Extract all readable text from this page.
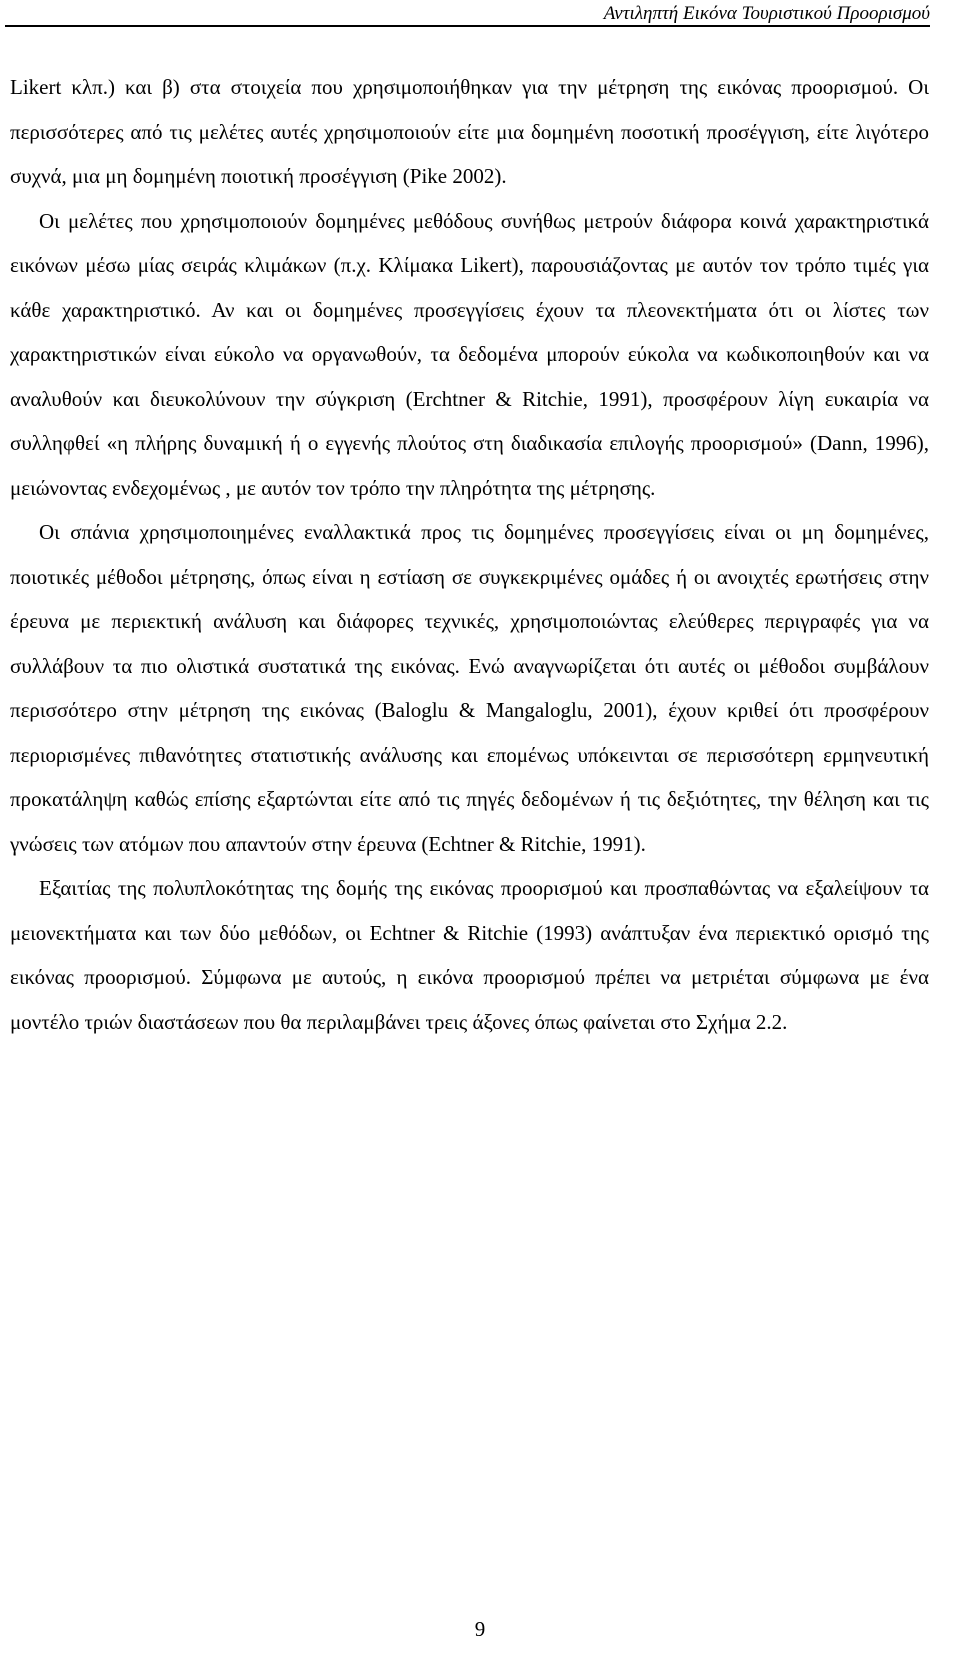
Αντιληπτή Εικόνα Τουριστικού Προορισμού

Likert κλπ.) και β) στα στοιχεία που χρησιμοποιήθηκαν για την μέτρηση της εικόνας προορισμού. Οι περισσότερες από τις μελέτες αυτές χρησιμοποιούν είτε μια δομημένη ποσοτική προσέγγιση, είτε λιγότερο συχνά, μια μη δομημένη ποιοτική προσέγγιση (Pike 2002).

Οι μελέτες που χρησιμοποιούν δομημένες μεθόδους συνήθως μετρούν διάφορα κοινά χαρακτηριστικά εικόνων μέσω μίας σειράς κλιμάκων (π.χ. Κλίμακα Likert), παρουσιάζοντας με αυτόν τον τρόπο τιμές για κάθε χαρακτηριστικό. Αν και οι δομημένες προσεγγίσεις έχουν τα πλεονεκτήματα ότι οι λίστες των χαρακτηριστικών είναι εύκολο να οργανωθούν, τα δεδομένα μπορούν εύκολα να κωδικοποιηθούν και να αναλυθούν και διευκολύνουν την σύγκριση (Erchtner & Ritchie, 1991), προσφέρουν λίγη ευκαιρία να συλληφθεί «η πλήρης δυναμική ή ο εγγενής πλούτος στη διαδικασία επιλογής προορισμού» (Dann, 1996), μειώνοντας ενδεχομένως , με αυτόν τον τρόπο την πληρότητα της μέτρησης.

Οι σπάνια χρησιμοποιημένες εναλλακτικά προς τις δομημένες προσεγγίσεις είναι οι μη δομημένες, ποιοτικές μέθοδοι μέτρησης, όπως είναι η εστίαση σε συγκεκριμένες ομάδες ή οι ανοιχτές ερωτήσεις στην έρευνα με περιεκτική ανάλυση και διάφορες τεχνικές, χρησιμοποιώντας ελεύθερες περιγραφές για να συλλάβουν τα πιο ολιστικά συστατικά της εικόνας. Ενώ αναγνωρίζεται ότι αυτές οι μέθοδοι συμβάλουν περισσότερο στην μέτρηση της εικόνας (Baloglu & Mangaloglu, 2001), έχουν κριθεί ότι προσφέρουν περιορισμένες πιθανότητες στατιστικής ανάλυσης και επομένως υπόκεινται σε περισσότερη ερμηνευτική προκατάληψη καθώς επίσης εξαρτώνται είτε από τις πηγές δεδομένων ή τις δεξιότητες, την θέληση και τις γνώσεις των ατόμων που απαντούν στην έρευνα (Echtner & Ritchie, 1991).

Εξαιτίας της πολυπλοκότητας της δομής της εικόνας προορισμού και προσπαθώντας να εξαλείψουν τα μειονεκτήματα και των δύο μεθόδων, οι Echtner & Ritchie (1993) ανάπτυξαν ένα περιεκτικό ορισμό της εικόνας προορισμού. Σύμφωνα με αυτούς, η εικόνα προορισμού πρέπει να μετριέται σύμφωνα με ένα μοντέλο τριών διαστάσεων που θα περιλαμβάνει τρεις άξονες όπως φαίνεται στο Σχήμα 2.2.

9
